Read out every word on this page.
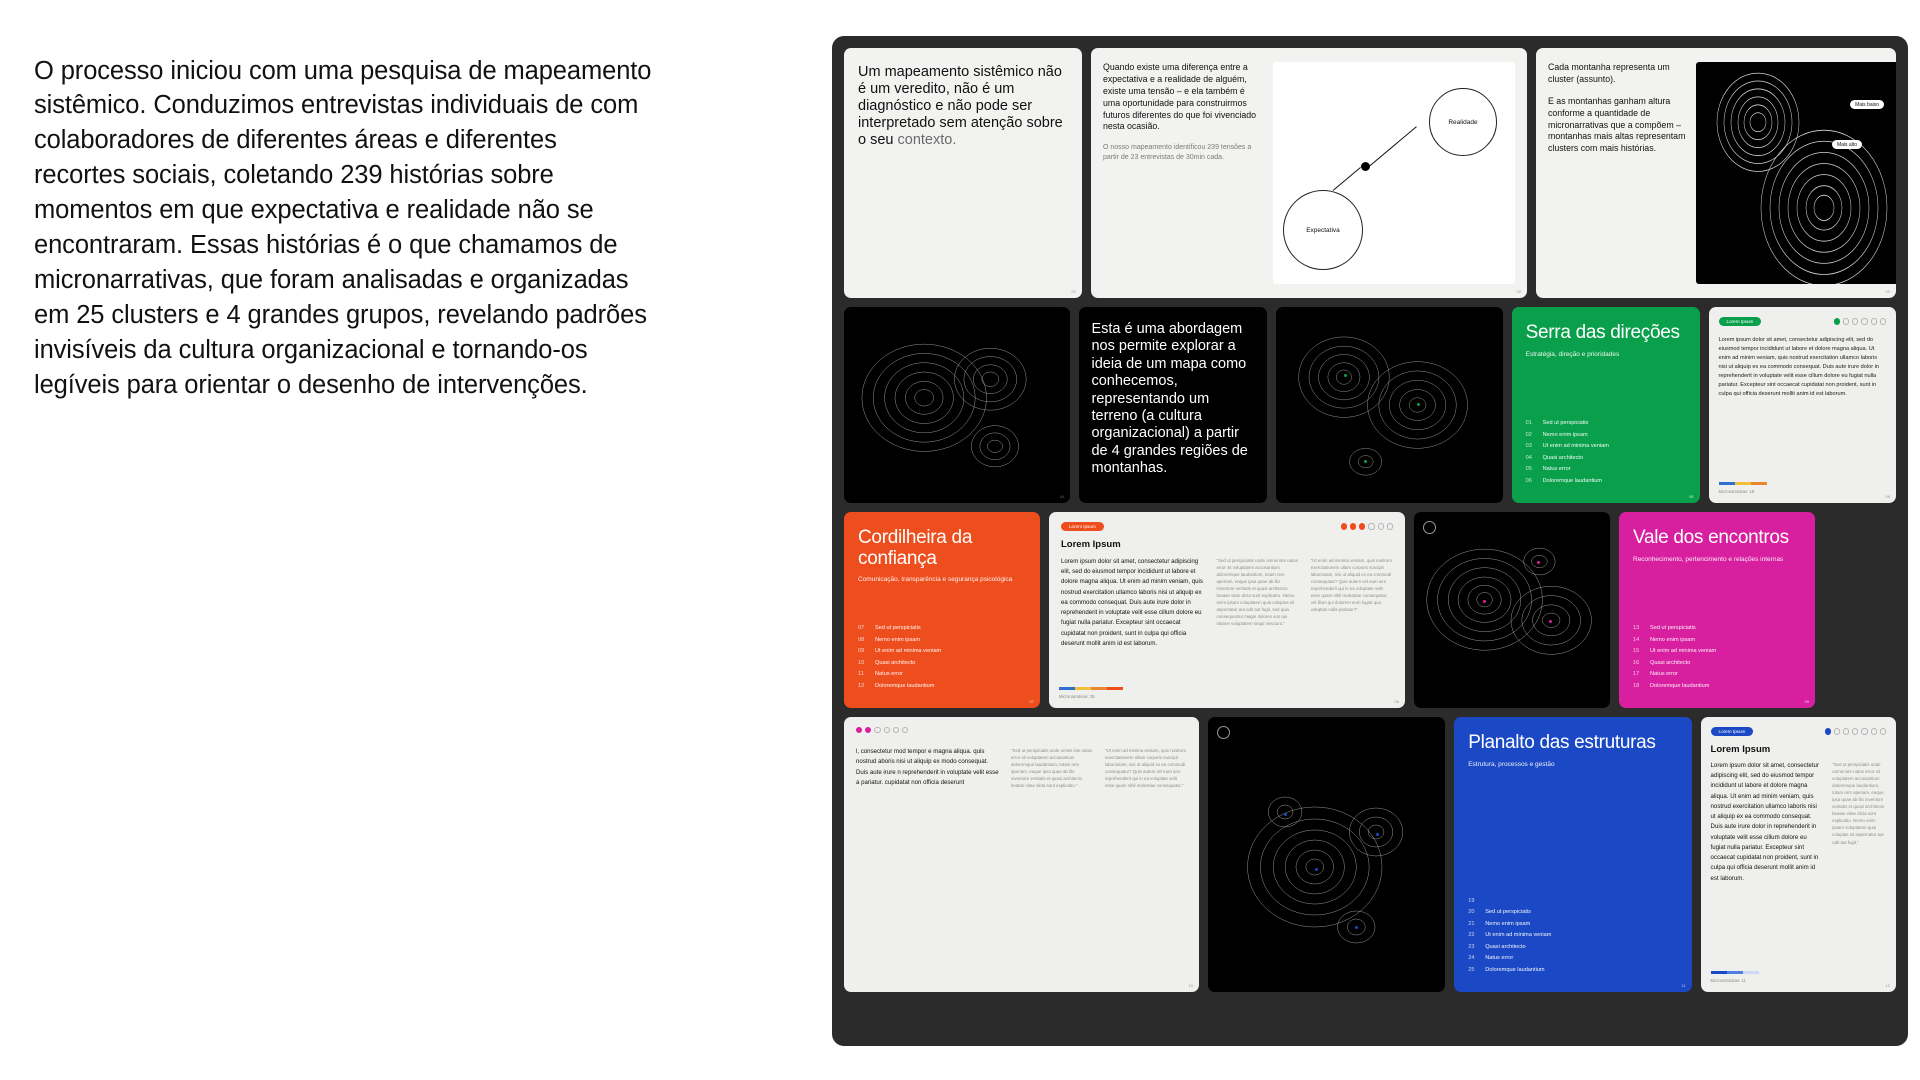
O processo iniciou com uma pesquisa de mapeamento sistêmico. Conduzimos entrevistas individuais de com colaboradores de diferentes áreas e diferentes recortes sociais, coletando 239 histórias sobre momentos em que expectativa e realidade não se encontraram. Essas histórias é o que chamamos de micronarrativas, que foram analisadas e organizadas em 25 clusters e 4 grandes grupos, revelando padrões invisíveis da cultura organizacional e tornando-os legíveis para orientar o desenho de intervenções.

Um mapeamento sistêmico não é um veredito, não é um diagnóstico e não pode ser interpretado sem atenção sobre o seu contexto.
01

Quando existe uma diferença entre a expectativa e a realidade de alguém, existe uma tensão – e ela também é uma oportunidade para construirmos futuros diferentes do que foi vivenciado nesta ocasião.

O nosso mapeamento identificou 239 tensões a partir de 23 entrevistas de 30min cada.

Realidade
Expectativa
02

Cada montanha representa um cluster (assunto).

E as montanhas ganham altura conforme a quantidade de micronarrativas que a compõem – montanhas mais altas representam clusters com mais histórias.

Mais baixo
Mais alto
03
04
Esta é uma abordagem nos permite explorar a ideia de um mapa como conhecemos, representando um terreno (a cultura organizacional) a partir de 4 grandes regiões de montanhas.
Serra das direções
Estratégia, direção e prioridades
01	Sed ut perspiciatis
02	Nemo enim ipsam
03	Ut enim ad minima veniam
04	Quasi architecto
05	Natus error
06	Doloremque laudantium
05
Lorem Ipsum
Lorem ipsum dolor sit amet, consectetur adipiscing elit, sed do eiusmod tempor incididunt ut labore et dolore magna aliqua. Ut enim ad minim veniam, quis nostrud exercitation ullamco laboris nisi ut aliquip ex ea commodo consequat. Duis aute irure dolor in reprehenderit in voluptate velit esse cillum dolore eu fugiat nulla pariatur. Excepteur sint occaecat cupidatat non proident, sunt in culpa qui officia deserunt mollit anim id est laborum.
Micronarrativas: 18
06
Cordilheira da confiança
Comunicação, transparência e segurança psicológica
07	Sed ut perspiciatis
08	Nemo enim ipsam
09	Ut enim ad minima veniam
10	Quasi architecto
11	Natus error
12	Doloremque laudantium
07
Lorem Ipsum
Lorem Ipsum
Lorem ipsum dolor sit amet, consectetur adipiscing elit, sed do eiusmod tempor incididunt ut labore et dolore magna aliqua. Ut enim ad minim veniam, quis nostrud exercitation ullamco laboris nisi ut aliquip ex ea commodo consequat. Duis aute irure dolor in reprehenderit in voluptate velit esse cillum dolore eu fugiat nulla pariatur. Excepteur sint occaecat cupidatat non proident, sunt in culpa qui officia deserunt mollit anim id est laborum.
"Sed ut perspiciatis unde omnis iste natus error sit voluptatem accusantium doloremque laudantium, totam rem aperiam, eaque ipsa quae ab illo inventore veritatis et quasi architecto beatae vitae dicta sunt explicabo. Nemo enim ipsam voluptatem quia voluptas sit aspernatur aut odit aut fugit, sed quia consequuntur magni dolores eos qui ratione voluptatem sequi nesciunt."
"Ut enim ad minima veniam, quis nostrum exercitationem ullam corporis suscipit laboriosam, nisi ut aliquid ex ea commodi consequatur? Quis autem vel eum iure reprehenderit qui in ea voluptate velit esse quam nihil molestiae consequatur, vel illum qui dolorem eum fugiat quo voluptas nulla pariatur?"
Micronarrativas: 35
08
Vale dos encontros
Reconhecimento, pertencimento e relações internas
13	Sed ut perspiciatis
14	Nemo enim ipsam
15	Ut enim ad minima veniam
16	Quasi architecto
17	Natus error
18	Doloremque laudantium
09
l, consectetur mod tempor e magna aliqua. quis nostrud aboris nisi ut aliquip ex modo consequat. Duis aute irure n reprehenderit in voluptate velit esse a pariatur. cupidatat non officia deserunt
"Sed ut perspiciatis unde omnis iste natus error sit voluptatem accusantium doloremque laudantium, totam rem aperiam, eaque ipsa quae ab illo inventore veritatis et quasi architecto beatae vitae dicta sunt explicabo."
"Ut enim ad minima veniam, quis nostrum exercitationem ullam corporis suscipit laboriosam, nisi ut aliquid ex ea commodi consequatur? Quis autem vel eum iure reprehenderit qui in ea voluptate velit esse quam nihil molestiae consequatur."
10
Planalto das estruturas
Estrutura, processos e gestão
19
20	Sed ut perspiciatis
21	Nemo enim ipsam
22	Ut enim ad minima veniam
23	Quasi architecto
24	Natus error
25	Doloremque laudantium
11
Lorem Ipsum
Lorem Ipsum
Lorem ipsum dolor sit amet, consectetur adipiscing elit, sed do eiusmod tempor incididunt ut labore et dolore magna aliqua. Ut enim ad minim veniam, quis nostrud exercitation ullamco laboris nisi ut aliquip ex ea commodo consequat. Duis aute irure dolor in reprehenderit in voluptate velit esse cillum dolore eu fugiat nulla pariatur. Excepteur sint occaecat cupidatat non proident, sunt in culpa qui officia deserunt mollit anim id est laborum.
"Sed ut perspiciatis unde omnis iste natus error sit voluptatem accusantium doloremque laudantium, totam rem aperiam, eaque ipsa quae ab illo inventore veritatis et quasi architecto beatae vitae dicta sunt explicabo. Nemo enim ipsam voluptatem quia voluptas sit aspernatur aut odit aut fugit."
Micronarrativas: 11
12
